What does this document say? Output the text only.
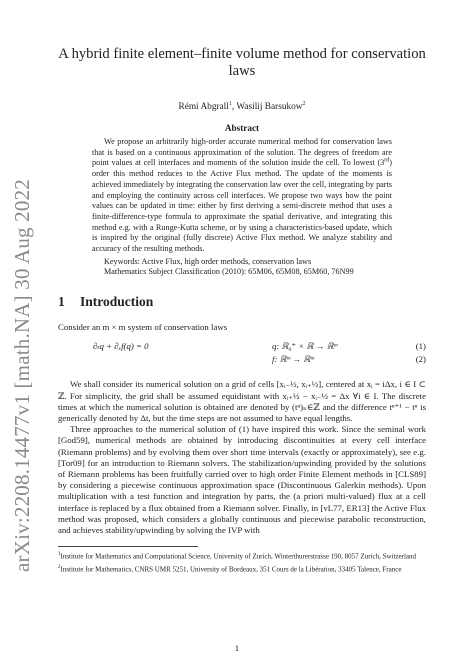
arXiv:2208.14477v1 [math.NA] 30 Aug 2022
A hybrid finite element–finite volume method for conservation laws
Rémi Abgrall$^1$, Wasilij Barsukow$^2$
Abstract

We propose an arbitrarily high-order accurate numerical method for conservation laws that is based on a continuous approximation of the solution. The degrees of freedom are point values at cell interfaces and moments of the solution inside the cell. To lowest (3rd) order this method reduces to the Active Flux method. The update of the moments is achieved immediately by integrating the conservation law over the cell, integrating by parts and employing the continuity across cell interfaces. We propose two ways how the point values can be updated in time: either by first deriving a semi-discrete method that uses a finite-difference-type formula to approximate the spatial derivative, and integrating this method e.g. with a Runge-Kutta scheme, or by using a characteristics-based update, which is inspired by the original (fully discrete) Active Flux method. We analyze stability and accuracy of the resulting methods.

Keywords: Active Flux, high order methods, conservation laws
Mathematics Subject Classification (2010): 65M06, 65M08, 65M60, 76N99
1 Introduction

Consider an m × m system of conservation laws

∂ₜq + ∂ₓf(q) = 0	q: ℝ₀⁺ × ℝ → ℝᵐ	(1)
f: ℝᵐ → ℝᵐ	(2)

We shall consider its numerical solution on a grid of cells [xᵢ₋½, xᵢ₊½], centered at xᵢ = iΔx, i ∈ I ⊂ ℤ. For simplicity, the grid shall be assumed equidistant with xᵢ₊½ − xᵢ₋½ = Δx ∀i ∈ I. The discrete times at which the numerical solution is obtained are denoted by (tⁿ)ₙ∈ℤ and the difference tⁿ⁺¹ − tⁿ is generically denoted by Δt, but the time steps are not assumed to have equal lengths.

Three approaches to the numerical solution of (1) have inspired this work. Since the seminal work [God59], numerical methods are obtained by introducing discontinuities at every cell interface (Riemann problems) and by evolving them over short time intervals (exactly or approximately), see e.g. [Tor09] for an introduction to Riemann solvers. The stabilization/upwinding provided by the solutions of Riemann problems has been fruitfully carried over to high order Finite Element methods in [CLS89] by considering a piecewise continuous approximation space (Discontinuous Galerkin methods). Upon multiplication with a test function and integration by parts, the (a priori multi-valued) flux at a cell interface is replaced by a flux obtained from a Riemann solver. Finally, in [vL77, ER13] the Active Flux method was proposed, which considers a globally continuous and piecewise parabolic reconstruction, and achieves stability/upwinding by solving the IVP with

$^1$Institute for Mathematics and Computational Science, University of Zurich, Winterthurerstrasse 190, 8057 Zurich, Switzerland
$^2$Institute for Mathematics, CNRS UMR 5251, University of Bordeaux, 351 Cours de la Libération, 33405 Talence, France
1
